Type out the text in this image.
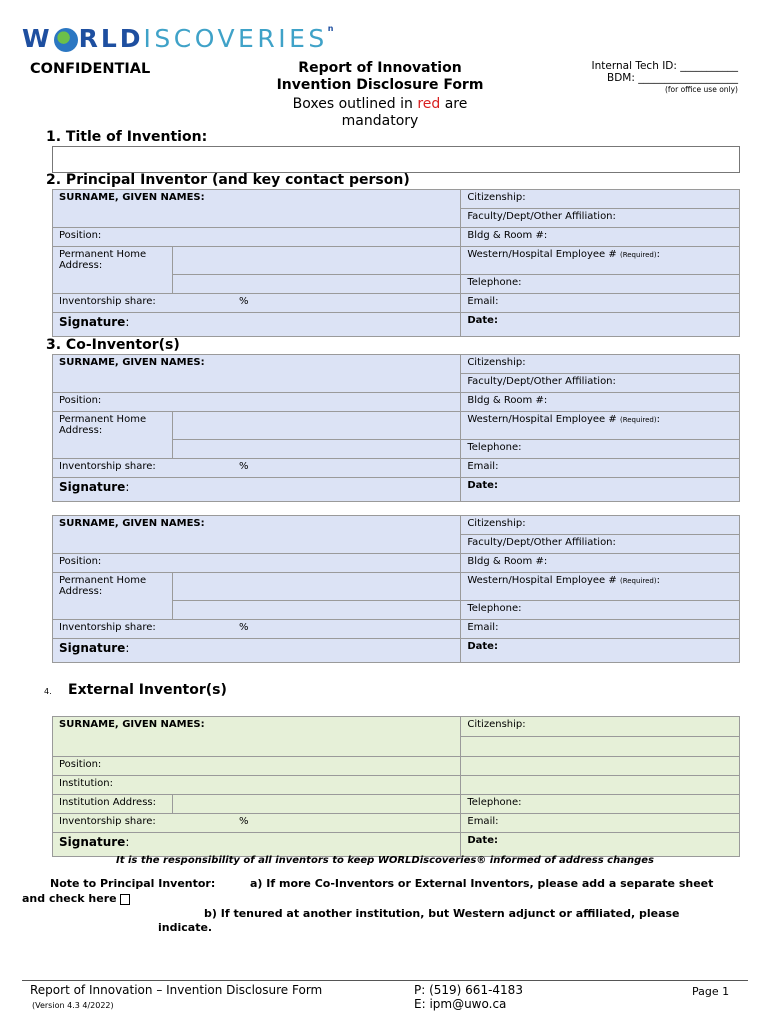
W RLDISCOVERIES$^n$
CONFIDENTIAL	Report of Innovation
Invention Disclosure Form
Boxes outlined in red are mandatory
Internal Tech ID: ___________
BDM: ___________________
(for office use only)
1. Title of Invention:
2. Principal Inventor (and key contact person)
SURNAME, GIVEN NAMES:		Citizenship:
		Faculty/Dept/Other Affiliation:
Position:		Bldg & Room #:
Permanent Home Address:		Western/Hospital Employee # (Required):
		Telephone:
Inventorship share: %		Email:
Signature:		Date:
3. Co-Inventor(s)
SURNAME, GIVEN NAMES:		Citizenship:
		Faculty/Dept/Other Affiliation:
Position:		Bldg & Room #:
Permanent Home Address:		Western/Hospital Employee # (Required):
		Telephone:
Inventorship share: %		Email:
Signature:		Date:
SURNAME, GIVEN NAMES:		Citizenship:
		Faculty/Dept/Other Affiliation:
Position:		Bldg & Room #:
Permanent Home Address:		Western/Hospital Employee # (Required):
		Telephone:
Inventorship share: %		Email:
Signature:		Date:
4. External Inventor(s)
SURNAME, GIVEN NAMES:		Citizenship:

Position:		
Institution:		
Institution Address:		Telephone:
Inventorship share: %		Email:
Signature:		Date:
It is the responsibility of all inventors to keep WORLDiscoveries® informed of address changes
Note to Principal Inventor:	a) If more Co-Inventors or External Inventors, please add a separate sheet
and check here
b) If tenured at another institution, but Western adjunct or affiliated, please
indicate.
Report of Innovation – Invention Disclosure Form
(Version 4.3 4/2022)
P: (519) 661-4183
E: ipm@uwo.ca
Page 1
